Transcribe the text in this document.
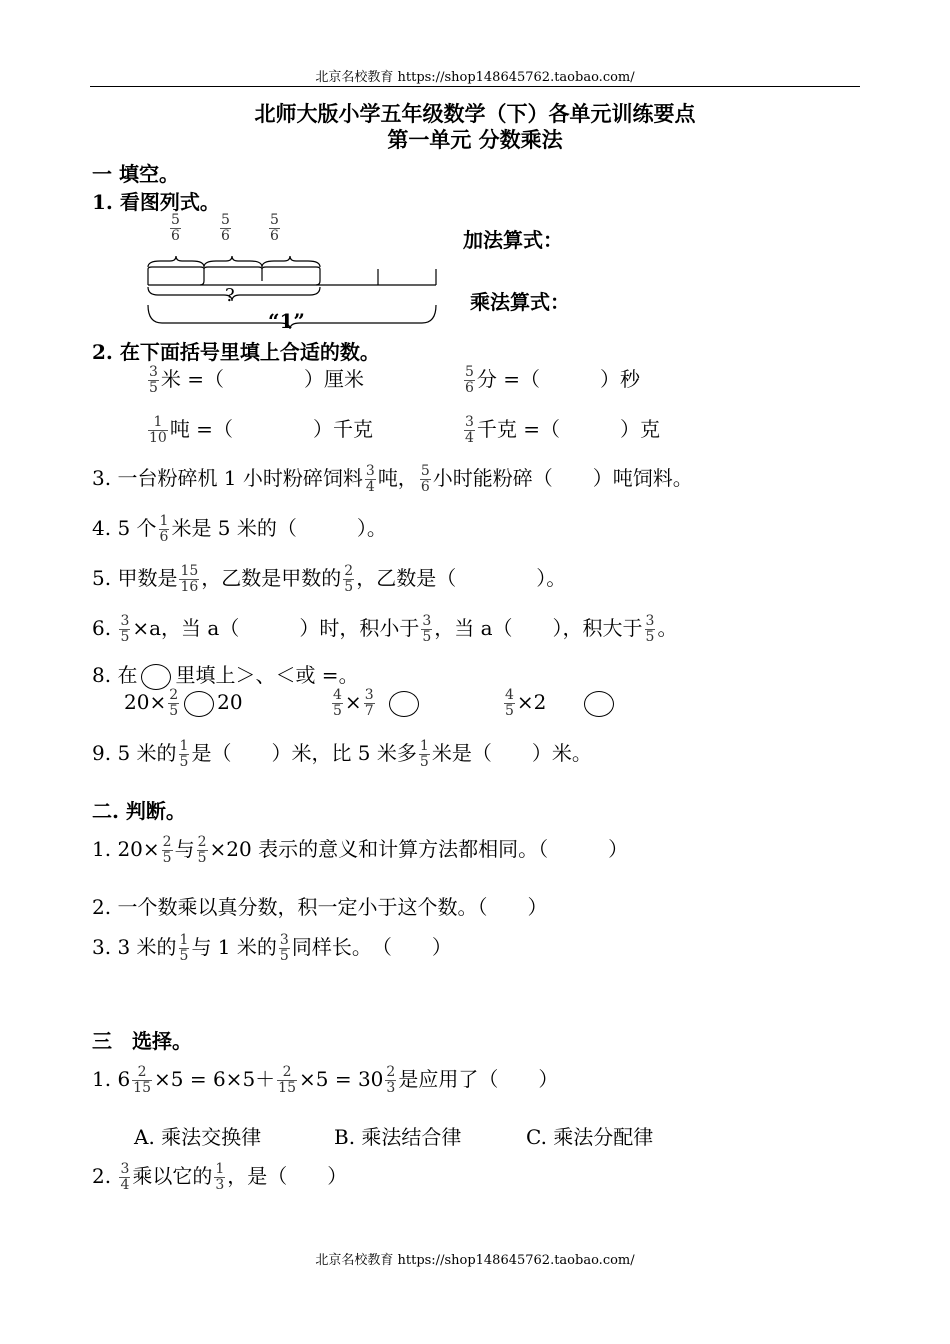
北京名校教育 https://shop148645762.taobao.com/
北师大版小学五年级数学（下）各单元训练要点
第一单元 分数乘法
一 填空。
1. 看图列式。
$\frac{5}{6}$	$\frac{5}{6}$	$\frac{5}{6}$
?
“1”
加法算式：
乘法算式：
2. 在下面括号里填上合适的数。
$\frac{3}{5}$ 米 =（　　　　）厘米	$\frac{5}{6}$ 分 =（　　　）秒
$\frac{1}{10}$ 吨 =（　　　　）千克	$\frac{3}{4}$ 千克 =（　　　）克
3. 一台粉碎机 1 小时粉碎饲料 $\frac{3}{4}$ 吨， $\frac{5}{6}$ 小时能粉碎（　　）吨饲料。
4. 5 个 $\frac{1}{6}$ 米是 5 米的（　　　）。
5. 甲数是 $\frac{15}{16}$ ，乙数是甲数的 $\frac{2}{5}$ ，乙数是（　　　　）。
6. $\frac{3}{5} \times a$，当 a（　　　）时，积小于 $\frac{3}{5}$ ，当 a（　　），积大于 $\frac{3}{5}$ 。
8. 在 里填上＞、＜或 =。
$20\times \frac{2}{5} 20$	$\frac{4}{5} \times \frac{3}{7}$	$\frac{4}{5} \times 2$
9. 5 米的 $\frac{1}{5}$ 是（　　）米，比 5 米多 $\frac{1}{5}$ 米是（　　）米。
二. 判断。
1. $20\times \frac{2}{5}$ 与 $\frac{2}{5} \times 20$ 表示的意义和计算方法都相同。（　　　）
2. 一个数乘以真分数，积一定小于这个数。（　　）
3. 3 米的 $\frac{1}{5}$ 与 1 米的 $\frac{3}{5}$ 同样长。　（　　）
三　选择。
1. $6 \frac{2}{15} \times 5 = 6\times 5+ \frac{2}{15} \times 5 = 30 \frac{2}{3}$ 是应用了（　　）
A. 乘法交换律	B. 乘法结合律	C. 乘法分配律
2. $\frac{3}{4}$ 乘以它的 $\frac{1}{3}$ ，是（　　）
北京名校教育 https://shop148645762.taobao.com/
